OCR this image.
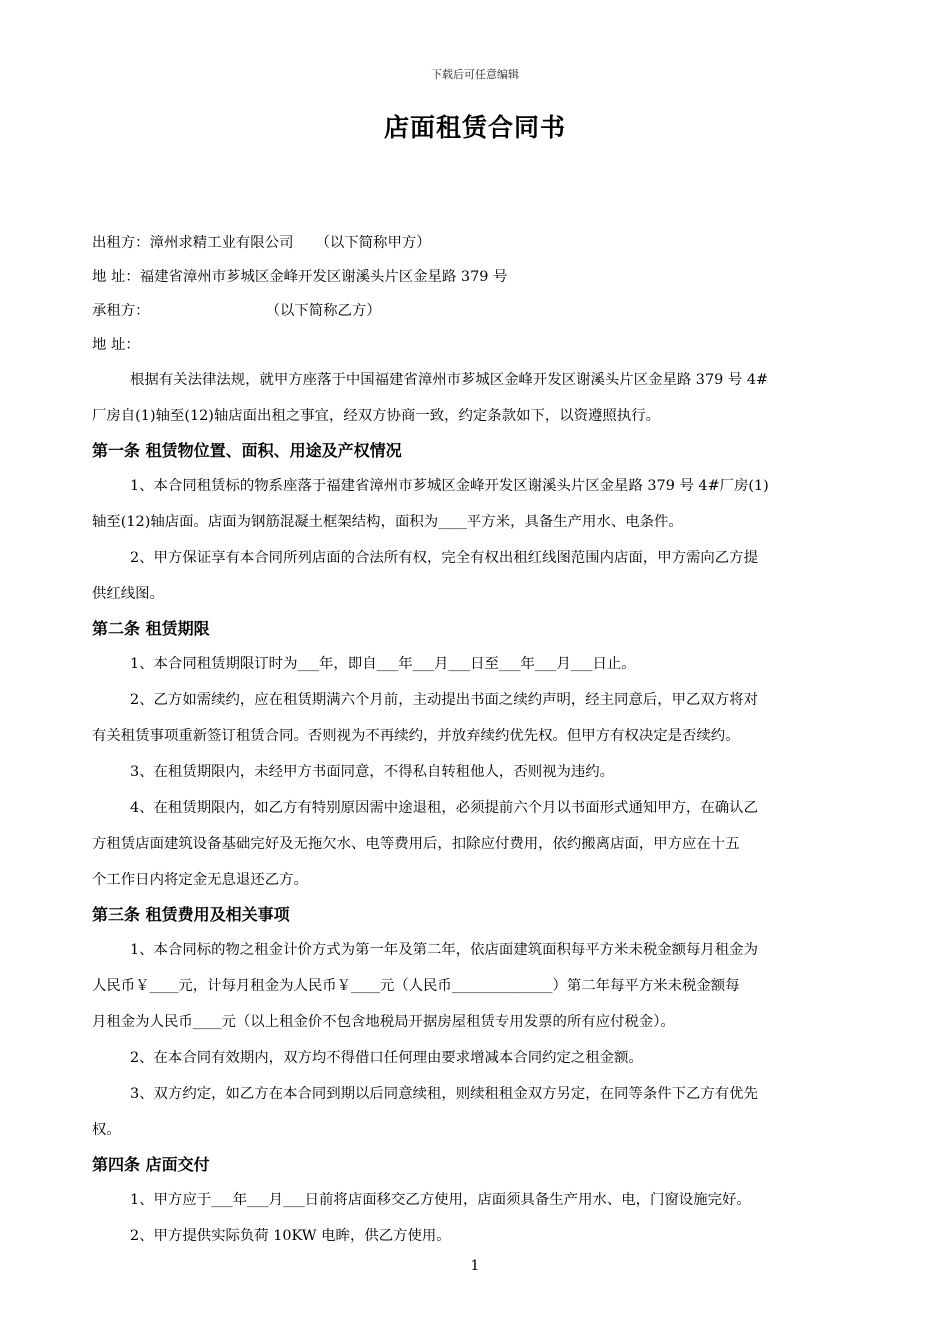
下载后可任意编辑
店面租赁合同书
出租方：漳州求精工业有限公司 （以下简称甲方）
地 址：福建省漳州市芗城区金峰开发区谢溪头片区金星路 379 号
承租方：	（以下简称乙方）
地 址：
根据有关法律法规，就甲方座落于中国福建省漳州市芗城区金峰开发区谢溪头片区金星路 379 号 4#
厂房自(1)轴至(12)轴店面出租之事宜，经双方协商一致，约定条款如下，以资遵照执行。
第一条 租赁物位置、面积、用途及产权情况
1、本合同租赁标的物系座落于福建省漳州市芗城区金峰开发区谢溪头片区金星路 379 号 4#厂房(1)
轴至(12)轴店面。店面为钢筋混凝土框架结构，面积为____平方米，具备生产用水、电条件。
2、甲方保证享有本合同所列店面的合法所有权，完全有权出租红线图范围内店面，甲方需向乙方提
供红线图。
第二条 租赁期限
1、本合同租赁期限订时为___年，即自___年___月___日至___年___月___日止。
2、乙方如需续约，应在租赁期满六个月前，主动提出书面之续约声明，经主同意后，甲乙双方将对
有关租赁事项重新签订租赁合同。否则视为不再续约，并放弃续约优先权。但甲方有权决定是否续约。
3、在租赁期限内，未经甲方书面同意，不得私自转租他人，否则视为违约。
4、在租赁期限内，如乙方有特别原因需中途退租，必须提前六个月以书面形式通知甲方，在确认乙
方租赁店面建筑设备基础完好及无拖欠水、电等费用后，扣除应付费用，依约搬离店面，甲方应在十五
个工作日内将定金无息退还乙方。
第三条 租赁费用及相关事项
1、本合同标的物之租金计价方式为第一年及第二年，依店面建筑面积每平方米未税金额每月租金为
人民币￥____元，计每月租金为人民币￥____元（人民币______________）第二年每平方米未税金额每
月租金为人民币____元（以上租金价不包含地税局开据房屋租赁专用发票的所有应付税金）。
2、在本合同有效期内，双方均不得借口任何理由要求增减本合同约定之租金额。
3、双方约定，如乙方在本合同到期以后同意续租，则续租租金双方另定，在同等条件下乙方有优先
权。
第四条 店面交付
1、甲方应于___年___月___日前将店面移交乙方使用，店面须具备生产用水、电，门窗设施完好。
2、甲方提供实际负荷 10KW 电眸，供乙方使用。
1
